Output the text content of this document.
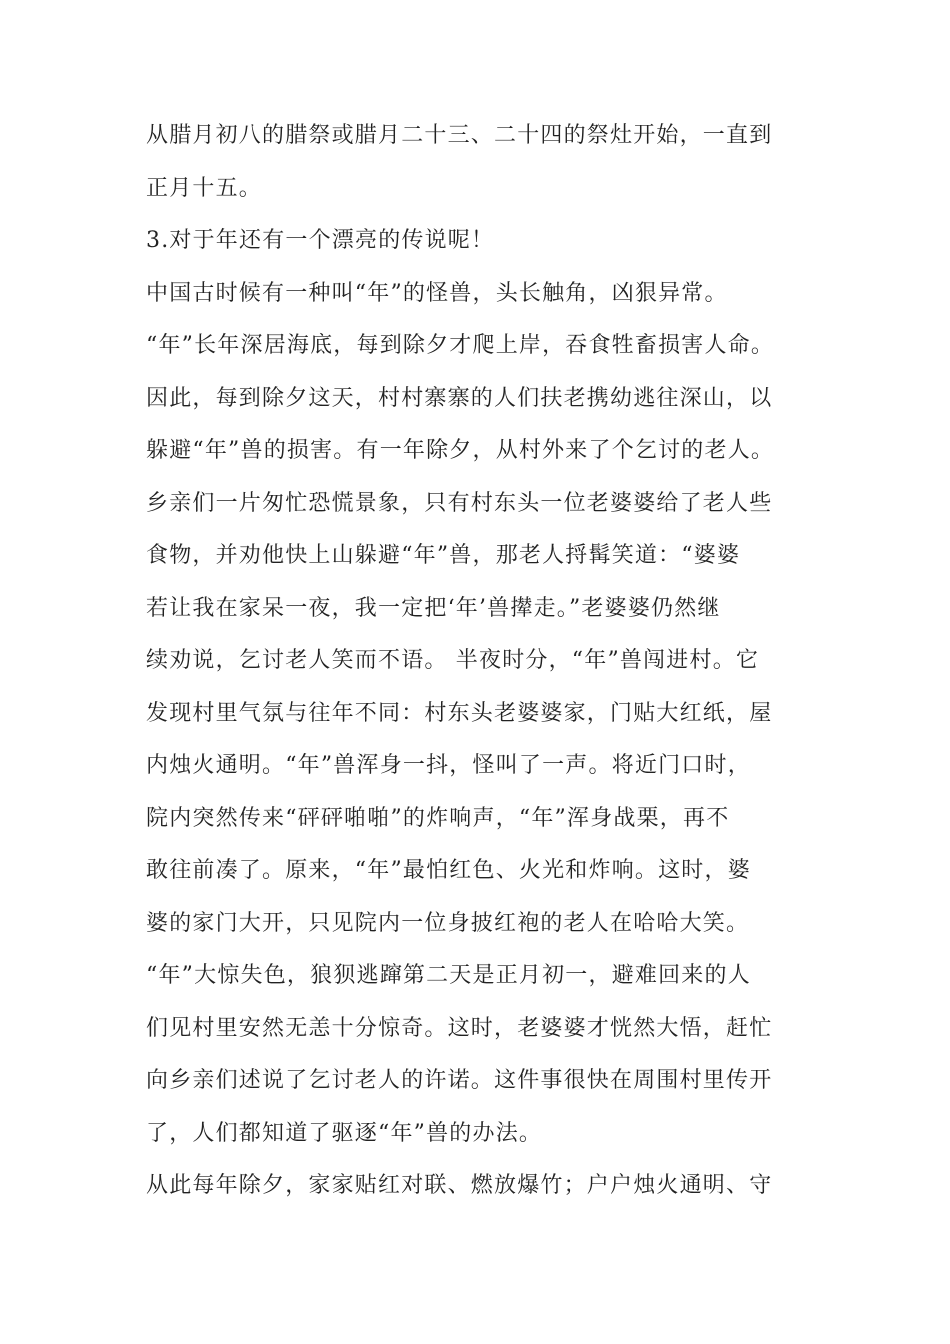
从腊月初八的腊祭或腊月二十三、二十四的祭灶开始，一直到
正月十五。
3.对于年还有一个漂亮的传说呢！
中国古时候有一种叫“年”的怪兽，头长触角，凶狠异常。
“年”长年深居海底，每到除夕才爬上岸，吞食牲畜损害人命。
因此，每到除夕这天，村村寨寨的人们扶老携幼逃往深山，以
躲避“年”兽的损害。有一年除夕，从村外来了个乞讨的老人。
乡亲们一片匆忙恐慌景象，只有村东头一位老婆婆给了老人些
食物，并劝他快上山躲避“年”兽，那老人捋髯笑道：“婆婆
若让我在家呆一夜，我一定把‘年’兽撵走。”老婆婆仍然继
续劝说，乞讨老人笑而不语。 半夜时分，“年”兽闯进村。它
发现村里气氛与往年不同：村东头老婆婆家，门贴大红纸，屋
内烛火通明。“年”兽浑身一抖，怪叫了一声。将近门口时，
院内突然传来“砰砰啪啪”的炸响声，“年”浑身战栗，再不
敢往前凑了。原来，“年”最怕红色、火光和炸响。这时，婆
婆的家门大开，只见院内一位身披红袍的老人在哈哈大笑。
“年”大惊失色，狼狈逃蹿第二天是正月初一，避难回来的人
们见村里安然无恙十分惊奇。这时，老婆婆才恍然大悟，赶忙
向乡亲们述说了乞讨老人的许诺。这件事很快在周围村里传开
了，人们都知道了驱逐“年”兽的办法。
从此每年除夕，家家贴红对联、燃放爆竹；户户烛火通明、守
